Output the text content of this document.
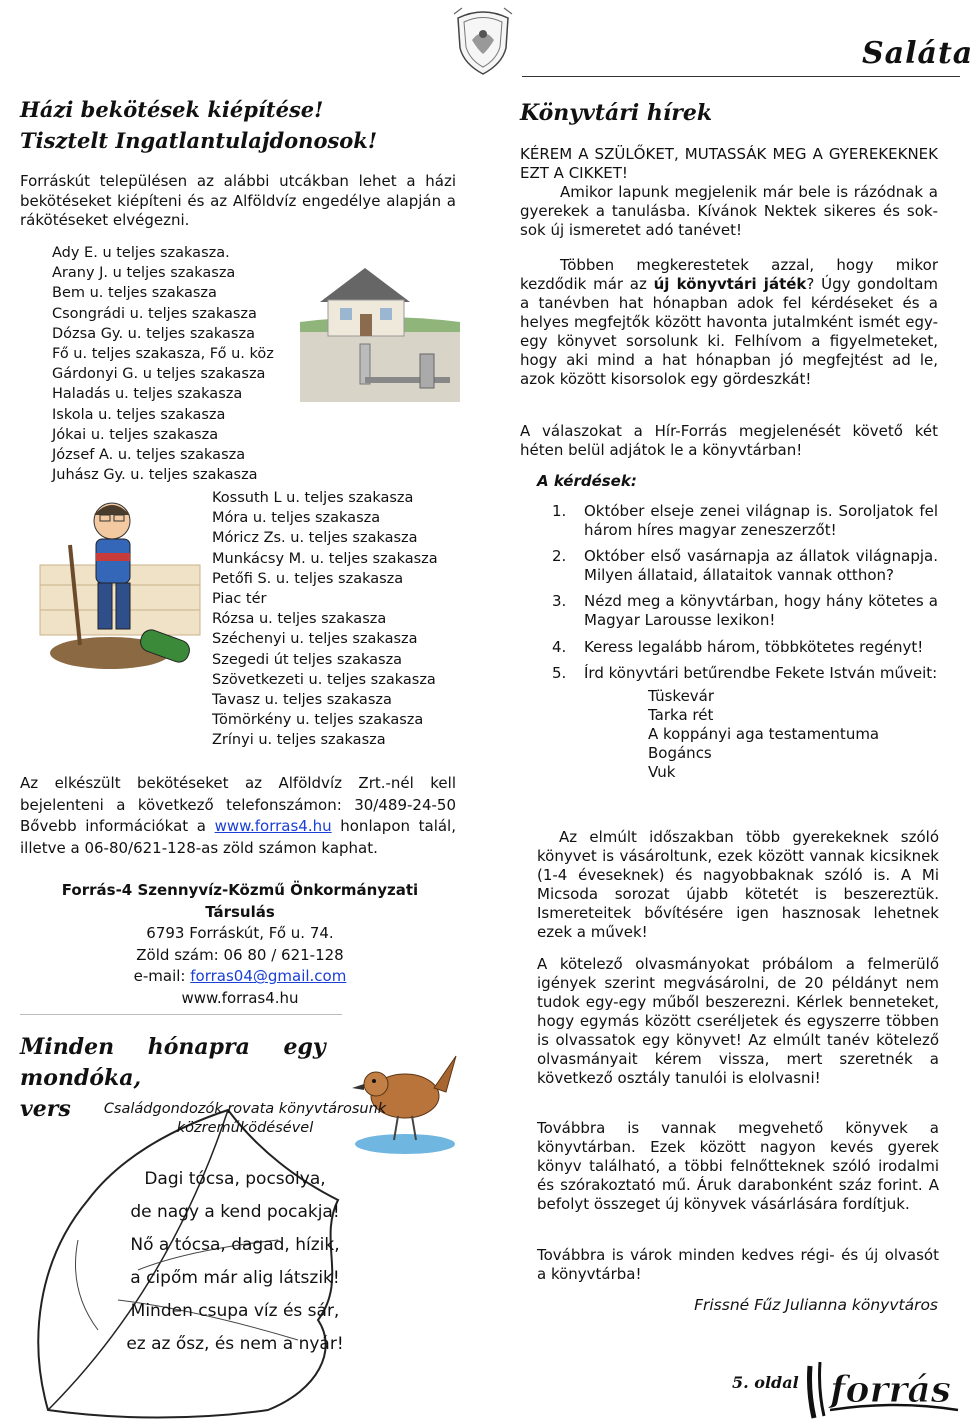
Saláta
Házi bekötések kiépítése!
Tisztelt Ingatlantulajdonosok!
Forráskút településen az alábbi utcákban lehet a házi bekötéseket kiépíteni és az Alföldvíz engedélye alapján a rákötéseket elvégezni.
Ady E. u teljes szakasza.
Arany J. u teljes szakasza
Bem u. teljes szakasza
Csongrádi u. teljes szakasza
Dózsa Gy. u. teljes szakasza
Fő u. teljes szakasza, Fő u. köz
Gárdonyi G. u teljes szakasza
Haladás u. teljes szakasza
Iskola u. teljes szakasza
Jókai u. teljes szakasza
József A. u. teljes szakasza
Juhász Gy. u. teljes szakasza
Kossuth L u. teljes szakasza
Móra u. teljes szakasza
Móricz Zs. u. teljes szakasza
Munkácsy M. u. teljes szakasza
Petőfi S. u. teljes szakasza
Piac tér
Rózsa u. teljes szakasza
Széchenyi u. teljes szakasza
Szegedi út teljes szakasza
Szövetkezeti u. teljes szakasza
Tavasz u. teljes szakasza
Tömörkény u. teljes szakasza
Zrínyi u. teljes szakasza
Az elkészült bekötéseket az Alföldvíz Zrt.-nél kell bejelenteni a következő telefonszámon: 30/489-24-50 Bővebb információkat a www.forras4.hu honlapon talál, illetve a 06-80/621-128-as zöld számon kaphat.
Forrás-4 Szennyvíz-Közmű Önkormányzati
Társulás
6793 Forráskút, Fő u. 74.
Zöld szám: 06 80 / 621-128
e-mail: forras04@gmail.com
www.forras4.hu
Minden hónapra egy mondóka,
vers	Családgondozók rovata könyvtárosunk közreműködésével
Dagi tócsa, pocsolya,
de nagy a kend pocakja!
Nő a tócsa, dagad, hízik,
a cipőm már alig látszik!
Minden csupa víz és sár,
ez az ősz, és nem a nyár!
Könyvtári hírek
KÉREM A SZÜLŐKET, MUTASSÁK MEG A GYEREKEKNEK EZT A CIKKET!
Amikor lapunk megjelenik már bele is rázódnak a gyerekek a tanulásba. Kívánok Nektek sikeres és sok-sok új ismeretet adó tanévet!
Többen megkerestetek azzal, hogy mikor kezdődik már az új könyvtári játék? Úgy gondoltam a tanévben hat hónapban adok fel kérdéseket és a helyes megfejtők között havonta jutalmként ismét egy-egy könyvet sorsolunk ki. Felhívom a figyelmeteket, hogy aki mind a hat hónapban jó megfejtést ad le, azok között kisorsolok egy gördeszkát!
A válaszokat a Hír-Forrás megjelenését követő két héten belül adjátok le a könyvtárban!
A kérdések:
1. Október elseje zenei világnap is. Soroljatok fel három híres magyar zeneszerzőt!
2. Október első vasárnapja az állatok világnapja. Milyen állataid, állataitok vannak otthon?
3. Nézd meg a könyvtárban, hogy hány kötetes a Magyar Larousse lexikon!
4. Keress legalább három, többkötetes regényt!
5. Írd könyvtári betűrendbe Fekete István műveit:
Tüskevár
Tarka rét
A koppányi aga testamentuma
Bogáncs
Vuk
Az elmúlt időszakban több gyerekeknek szóló könyvet is vásároltunk, ezek között vannak kicsiknek (1-4 éveseknek) és nagyobbaknak szóló is. A Mi Micsoda sorozat újabb kötetét is beszereztük. Ismereteitek bővítésére igen hasznosak lehetnek ezek a művek!
A kötelező olvasmányokat próbálom a felmerülő igények szerint megvásárolni, de 20 példányt nem tudok egy-egy műből beszerezni. Kérlek benneteket, hogy egymás között cseréljetek és egyszerre többen is olvassatok egy könyvet! Az elmúlt tanév kötelező olvasmányait kérem vissza, mert szeretnék a következő osztály tanulói is elolvasni!
Továbbra is vannak megvehető könyvek a könyvtárban. Ezek között nagyon kevés gyerek könyv található, a többi felnőtteknek szóló irodalmi és szórakoztató mű. Áruk darabonként száz forint. A befolyt összeget új könyvek vásárlására fordítjuk.
Továbbra is várok minden kedves régi- és új olvasót a könyvtárba!
Frissné Fűz Julianna könyvtáros
5. oldal forrás
